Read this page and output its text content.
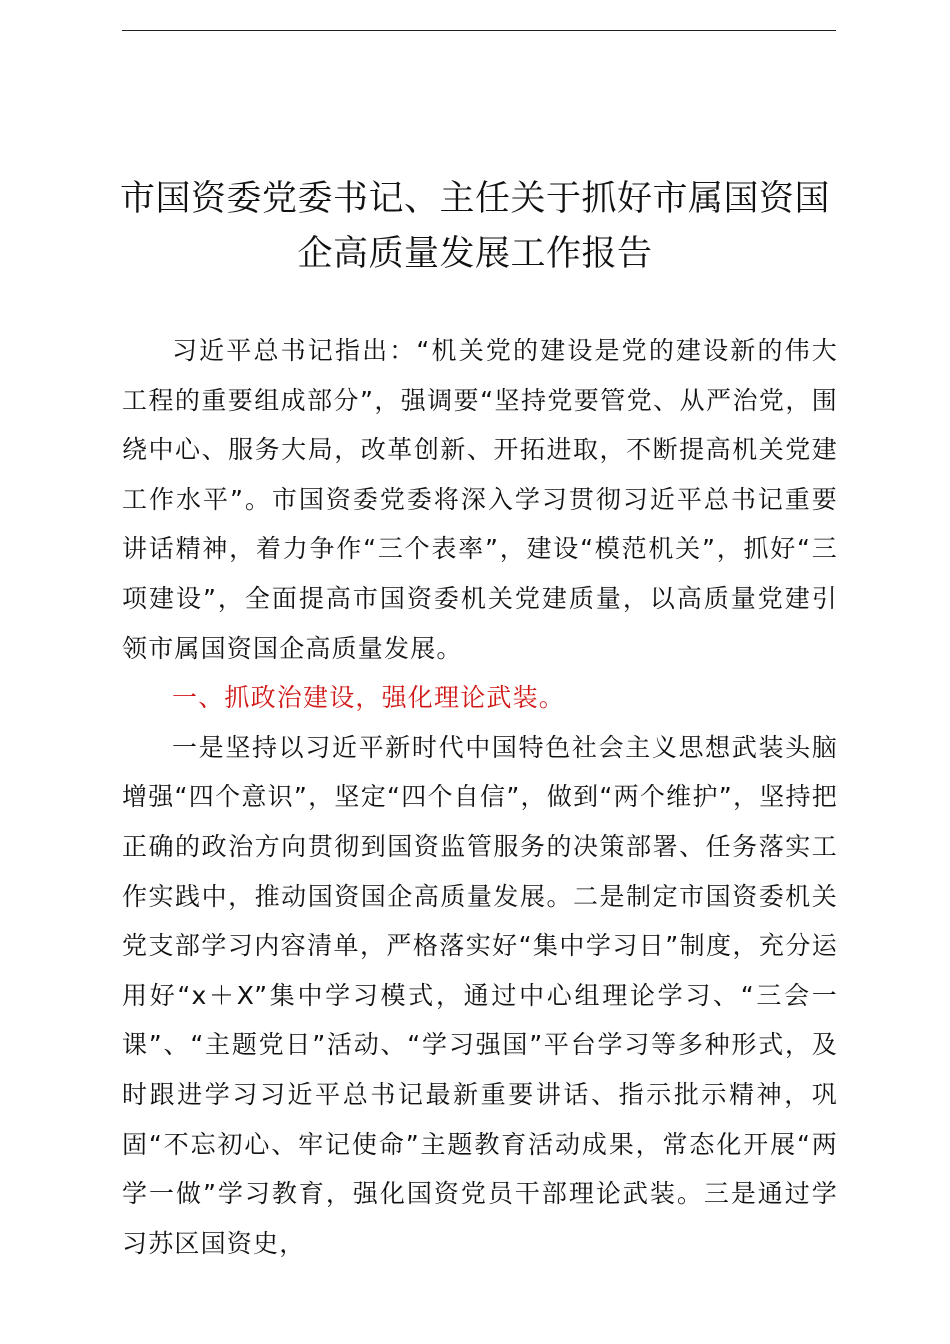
市国资委党委书记、主任关于抓好市属国资国
企高质量发展工作报告

习近平总书记指出：“机关党的建设是党的建设新的伟大工程的重要组成部分”，强调要“坚持党要管党、从严治党，围绕中心、服务大局，改革创新、开拓进取，不断提高机关党建工作水平”。市国资委党委将深入学习贯彻习近平总书记重要讲话精神，着力争作“三个表率”，建设“模范机关”，抓好“三项建设”，全面提高市国资委机关党建质量，以高质量党建引领市属国资国企高质量发展。

一、抓政治建设，强化理论武装。

一是坚持以习近平新时代中国特色社会主义思想武装头脑增强“四个意识”，坚定“四个自信”，做到“两个维护”，坚持把正确的政治方向贯彻到国资监管服务的决策部署、任务落实工作实践中，推动国资国企高质量发展。二是制定市国资委机关党支部学习内容清单，严格落实好“集中学习日”制度，充分运用好“x＋X”集中学习模式，通过中心组理论学习、“三会一课”、“主题党日”活动、“学习强国”平台学习等多种形式，及时跟进学习习近平总书记最新重要讲话、指示批示精神，巩固“不忘初心、牢记使命”主题教育活动成果，常态化开展“两学一做”学习教育，强化国资党员干部理论武装。三是通过学习苏区国资史，
